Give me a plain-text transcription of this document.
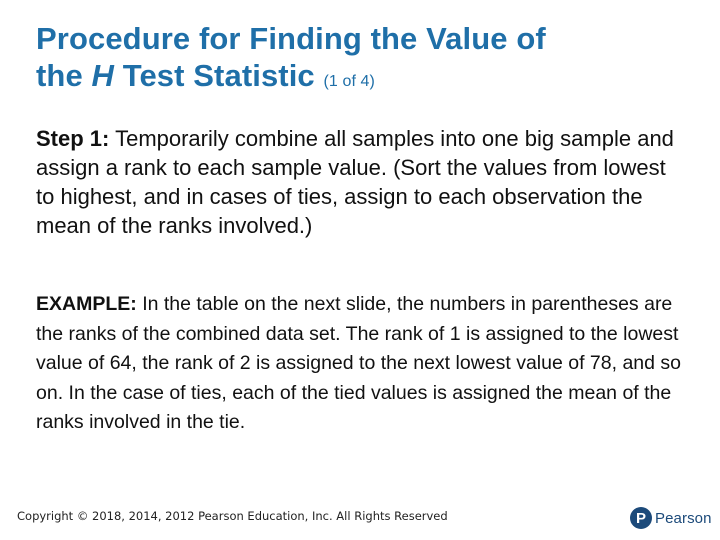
Procedure for Finding the Value of
the H Test Statistic (1 of 4)
Step 1: Temporarily combine all samples into one big sample and assign a rank to each sample value. (Sort the values from lowest to highest, and in cases of ties, assign to each observation the mean of the ranks involved.)
EXAMPLE: In the table on the next slide, the numbers in parentheses are the ranks of the combined data set. The rank of 1 is assigned to the lowest value of 64, the rank of 2 is assigned to the next lowest value of 78, and so on. In the case of ties, each of the tied values is assigned the mean of the ranks involved in the tie.
Copyright © 2018, 2014, 2012 Pearson Education, Inc. All Rights Reserved	P Pearson
